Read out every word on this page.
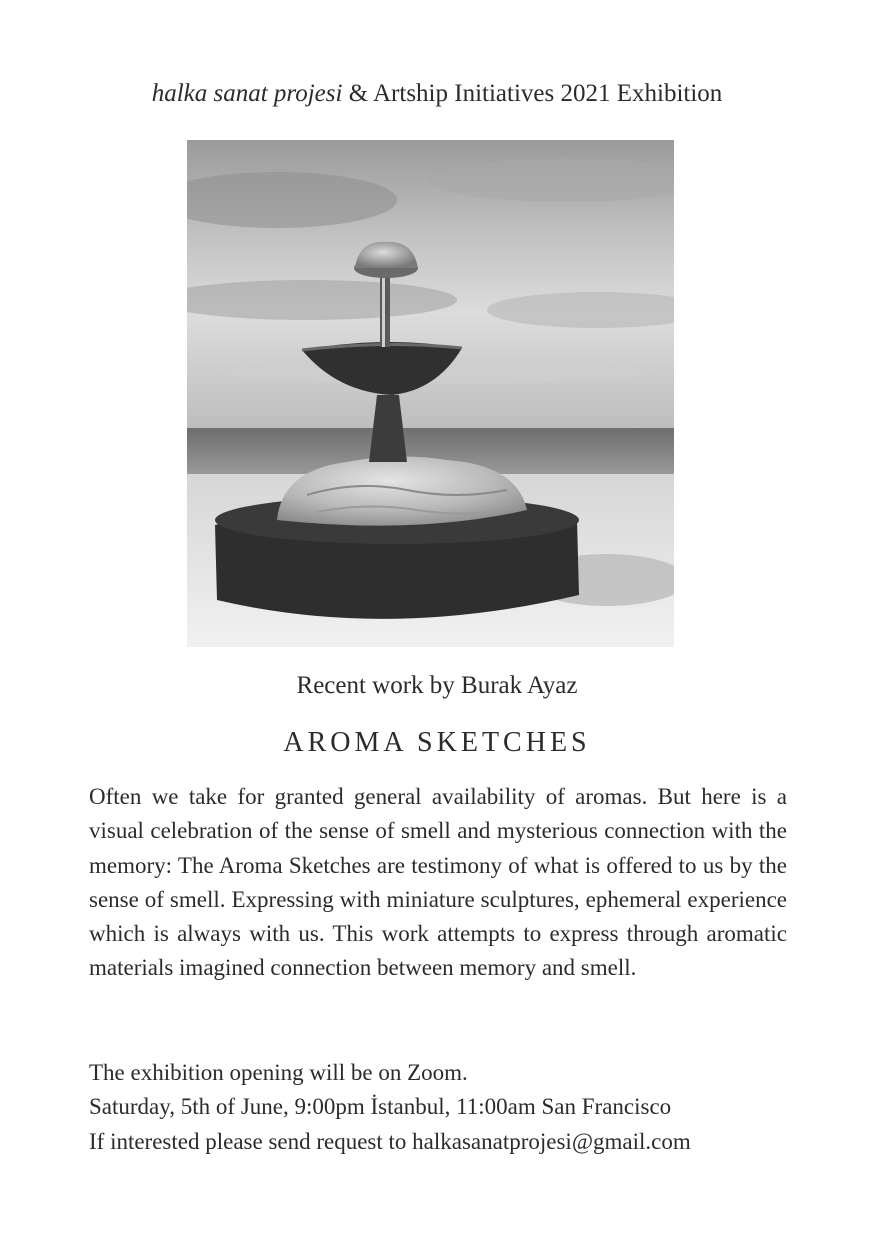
halka sanat projesi & Artship Initiatives 2021 Exhibition
Recent work by Burak Ayaz
AROMA SKETCHES
Often we take for granted general availability of aromas. But here is a visual celebration of the sense of smell and mysterious connection with the memory: The Aroma Sketches are testimony of what is offered to us by the sense of smell. Expressing with miniature sculptures, ephemeral experience which is always with us. This work attempts to express through aromatic materials imagined connection between memory and smell.
The exhibition opening will be on Zoom.
Saturday, 5th of June, 9:00pm İstanbul, 11:00am San Francisco
If interested please send request to halkasanatprojesi@gmail.com
